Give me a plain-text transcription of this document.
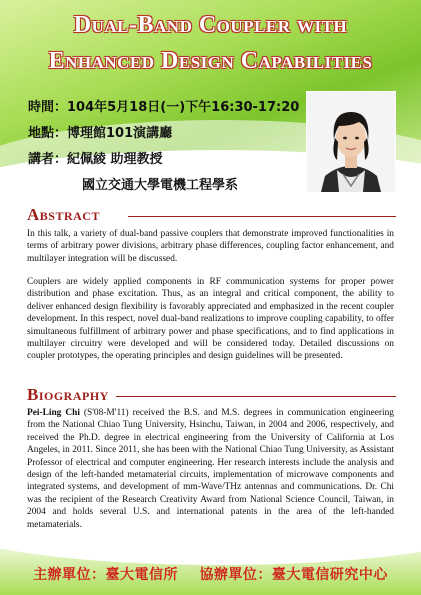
Dual-Band Coupler with
Enhanced Design Capabilities
時間：104年5月18日(一)下午16:30-17:20
地點：博理館101演講廳
講者：紀佩綾 助理教授
國立交通大學電機工程學系
Abstract

In this talk, a variety of dual-band passive couplers that demonstrate improved functionalities in terms of arbitrary power divisions, arbitrary phase differences, coupling factor enhancement, and multilayer integration will be discussed.

Couplers are widely applied components in RF communication systems for proper power distribution and phase excitation. Thus, as an integral and critical component, the ability to deliver enhanced design flexibility is favorably appreciated and emphasized in the recent coupler development. In this respect, novel dual-band realizations to improve coupling capability, to offer simultaneous fulfillment of arbitrary power and phase specifications, and to find applications in multilayer circuitry were developed and will be considered today. Detailed discussions on coupler prototypes, the operating principles and design guidelines will be presented.

Biography

Pei-Ling Chi (S'08-M'11) received the B.S. and M.S. degrees in communication engineering from the National Chiao Tung University, Hsinchu, Taiwan, in 2004 and 2006, respectively, and received the Ph.D. degree in electrical engineering from the University of California at Los Angeles, in 2011. Since 2011, she has been with the National Chiao Tung University, as Assistant Professor of electrical and computer engineering. Her research interests include the analysis and design of the left-handed metamaterial circuits, implementation of microwave components and integrated systems, and development of mm-Wave/THz antennas and communications. Dr. Chi was the recipient of the Research Creativity Award from National Science Council, Taiwan, in 2004 and holds several U.S. and international patents in the area of the left-handed metamaterials.

主辦單位：臺大電信所 協辦單位：臺大電信研究中心
